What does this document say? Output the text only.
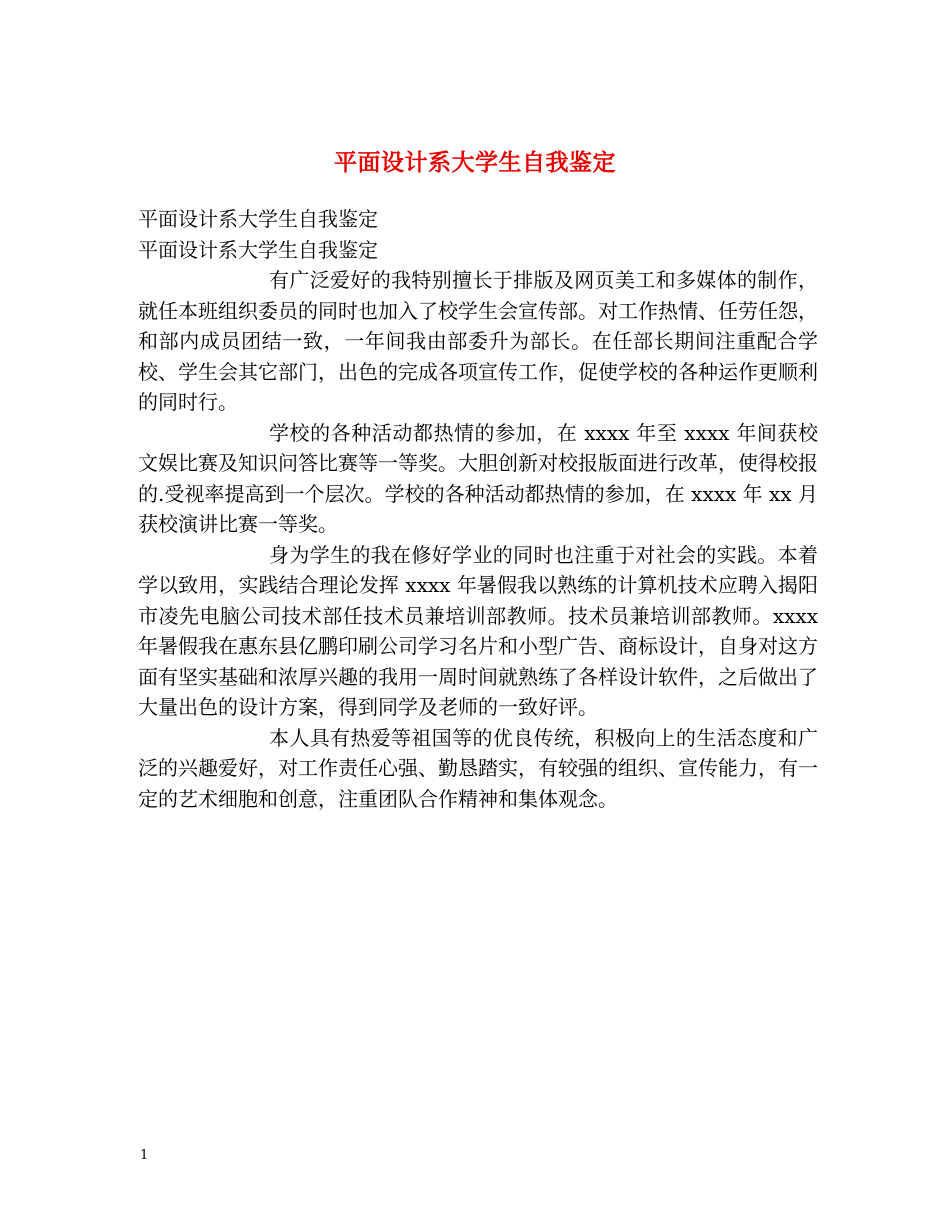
平面设计系大学生自我鉴定

平面设计系大学生自我鉴定

平面设计系大学生自我鉴定

有广泛爱好的我特别擅长于排版及网页美工和多媒体的制作，就任本班组织委员的同时也加入了校学生会宣传部。对工作热情、任劳任怨，和部内成员团结一致，一年间我由部委升为部长。在任部长期间注重配合学校、学生会其它部门，出色的完成各项宣传工作，促使学校的各种运作更顺利的同时行。

学校的各种活动都热情的参加，在 xxxx 年至 xxxx 年间获校文娱比赛及知识问答比赛等一等奖。大胆创新对校报版面进行改革，使得校报的.受视率提高到一个层次。学校的各种活动都热情的参加，在 xxxx 年 xx 月获校演讲比赛一等奖。

身为学生的我在修好学业的同时也注重于对社会的实践。本着学以致用，实践结合理论发挥 xxxx 年暑假我以熟练的计算机技术应聘入揭阳市凌先电脑公司技术部任技术员兼培训部教师。技术员兼培训部教师。xxxx 年暑假我在惠东县亿鹏印刷公司学习名片和小型广告、商标设计，自身对这方面有坚实基础和浓厚兴趣的我用一周时间就熟练了各样设计软件，之后做出了大量出色的设计方案，得到同学及老师的一致好评。

本人具有热爱等祖国等的优良传统，积极向上的生活态度和广泛的兴趣爱好，对工作责任心强、勤恳踏实，有较强的组织、宣传能力，有一定的艺术细胞和创意，注重团队合作精神和集体观念。

1
